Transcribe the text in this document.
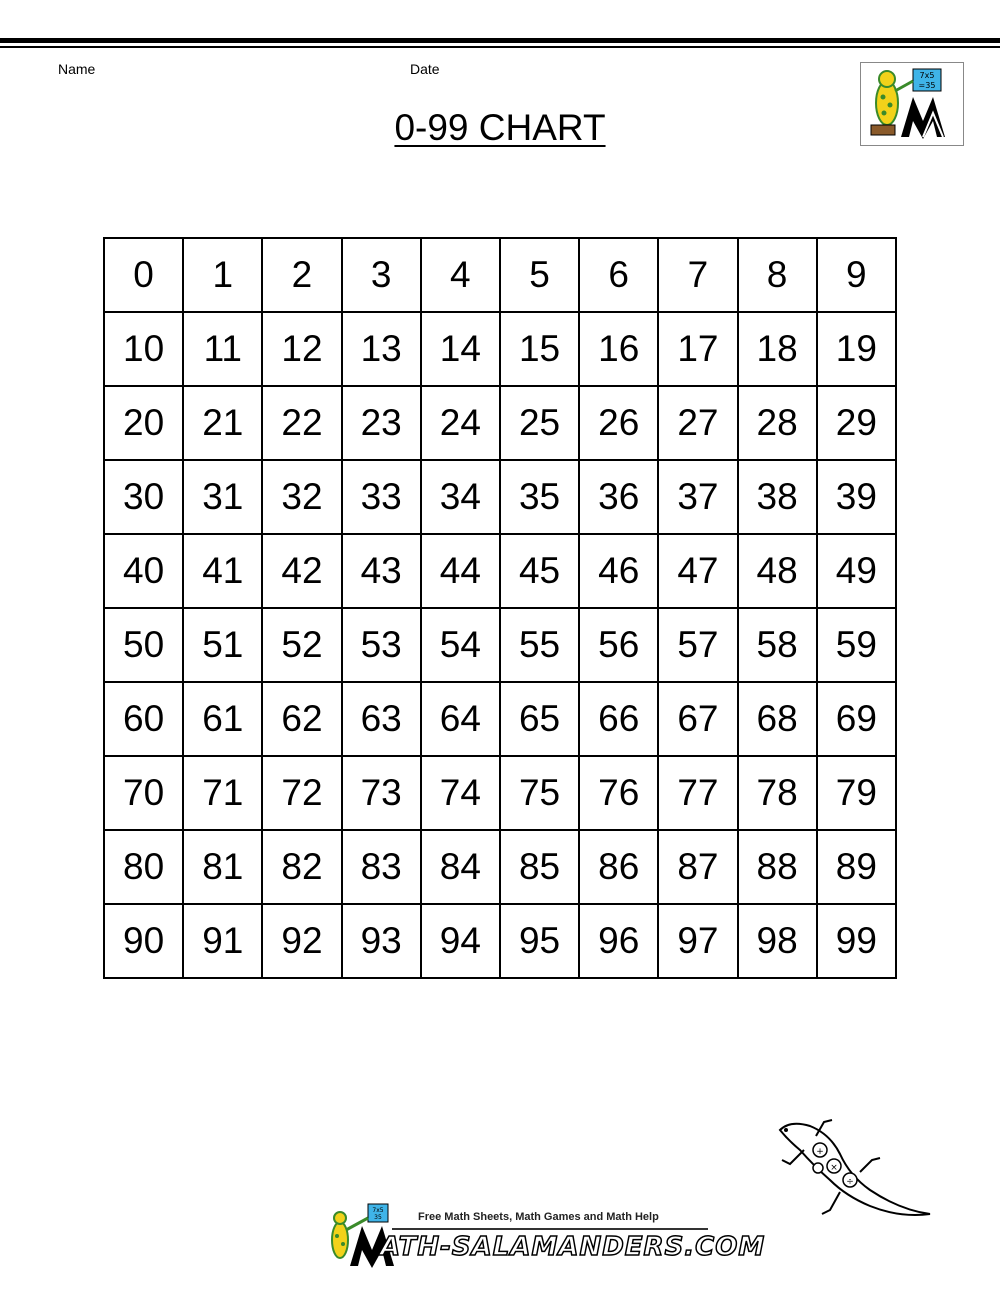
Name	Date
0-99 CHART
7x5
=35
0	1	2	3	4	5	6	7	8	9
10	11	12	13	14	15	16	17	18	19
20	21	22	23	24	25	26	27	28	29
30	31	32	33	34	35	36	37	38	39
40	41	42	43	44	45	46	47	48	49
50	51	52	53	54	55	56	57	58	59
60	61	62	63	64	65	66	67	68	69
70	71	72	73	74	75	76	77	78	79
80	81	82	83	84	85	86	87	88	89
90	91	92	93	94	95	96	97	98	99
+
×
÷
7x5
35	Free Math Sheets, Math Games and Math Help
ATH-SALAMANDERS.COM
